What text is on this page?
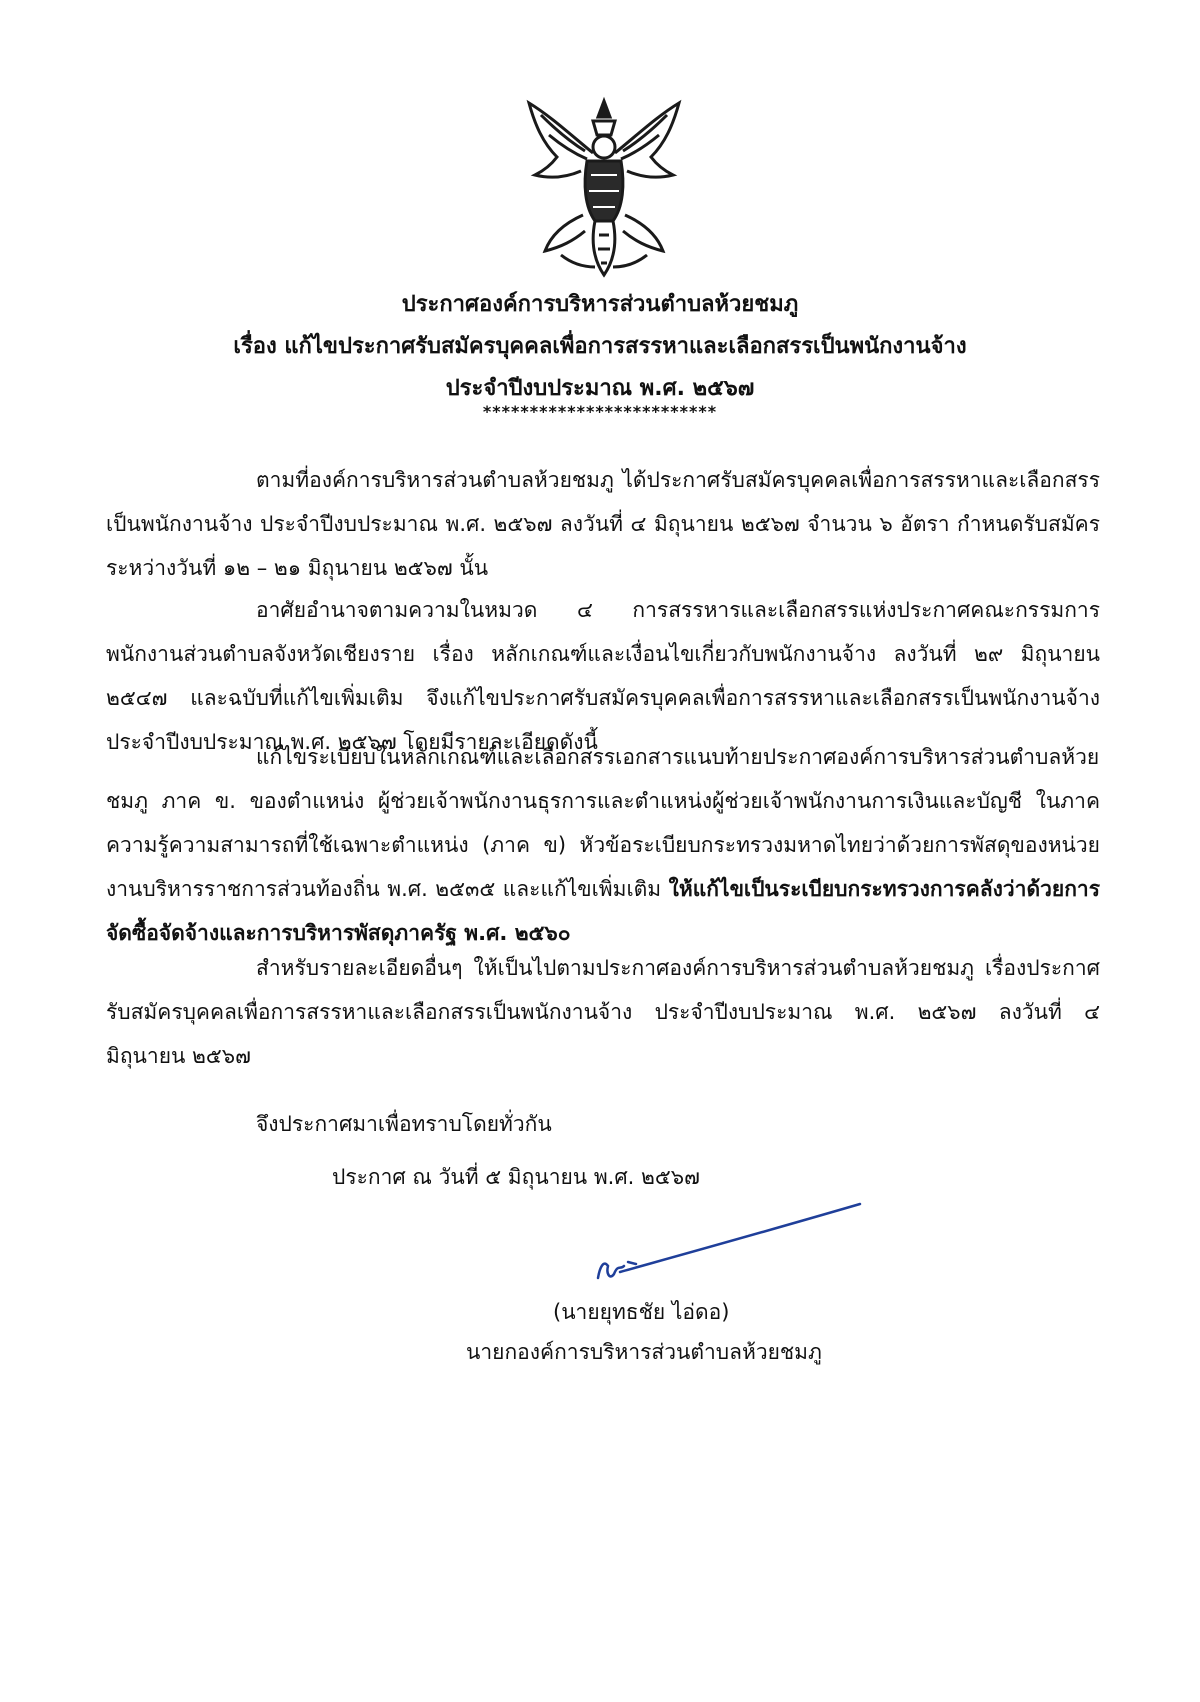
ประกาศองค์การบริหารส่วนตำบลห้วยชมภู
เรื่อง แก้ไขประกาศรับสมัครบุคคลเพื่อการสรรหาและเลือกสรรเป็นพนักงานจ้าง
ประจำปีงบประมาณ พ.ศ. ๒๕๖๗
*************************
ตามที่องค์การบริหารส่วนตำบลห้วยชมภู ได้ประกาศรับสมัครบุคคลเพื่อการสรรหาและเลือกสรรเป็นพนักงานจ้าง ประจำปีงบประมาณ พ.ศ. ๒๕๖๗ ลงวันที่ ๔ มิถุนายน ๒๕๖๗ จำนวน ๖ อัตรา กำหนดรับสมัครระหว่างวันที่ ๑๒ – ๒๑ มิถุนายน ๒๕๖๗ นั้น
อาศัยอำนาจตามความในหมวด ๔ การสรรหารและเลือกสรรแห่งประกาศคณะกรรมการพนักงานส่วนตำบลจังหวัดเชียงราย เรื่อง หลักเกณฑ์และเงื่อนไขเกี่ยวกับพนักงานจ้าง ลงวันที่ ๒๙ มิถุนายน ๒๕๔๗ และฉบับที่แก้ไขเพิ่มเติม จึงแก้ไขประกาศรับสมัครบุคคลเพื่อการสรรหาและเลือกสรรเป็นพนักงานจ้าง ประจำปีงบประมาณ พ.ศ. ๒๕๖๗ โดยมีรายละเอียดดังนี้
แก้ไขระเบียบในหลักเกณฑ์และเลือกสรรเอกสารแนบท้ายประกาศองค์การบริหารส่วนตำบลห้วยชมภู ภาค ข. ของตำแหน่ง ผู้ช่วยเจ้าพนักงานธุรการและตำแหน่งผู้ช่วยเจ้าพนักงานการเงินและบัญชี ในภาคความรู้ความสามารถที่ใช้เฉพาะตำแหน่ง (ภาค ข) หัวข้อระเบียบกระทรวงมหาดไทยว่าด้วยการพัสดุของหน่วยงานบริหารราชการส่วนท้องถิ่น พ.ศ. ๒๕๓๕ และแก้ไขเพิ่มเติม ให้แก้ไขเป็นระเบียบกระทรวงการคลังว่าด้วยการจัดซื้อจัดจ้างและการบริหารพัสดุภาครัฐ พ.ศ. ๒๕๖๐
สำหรับรายละเอียดอื่นๆ ให้เป็นไปตามประกาศองค์การบริหารส่วนตำบลห้วยชมภู เรื่องประกาศรับสมัครบุคคลเพื่อการสรรหาและเลือกสรรเป็นพนักงานจ้าง ประจำปีงบประมาณ พ.ศ. ๒๕๖๗ ลงวันที่ ๔ มิถุนายน ๒๕๖๗
จึงประกาศมาเพื่อทราบโดยทั่วกัน
ประกาศ ณ วันที่ ๕ มิถุนายน พ.ศ. ๒๕๖๗
(นายยุทธชัย ไอ่ดอ)
นายกองค์การบริหารส่วนตำบลห้วยชมภู
